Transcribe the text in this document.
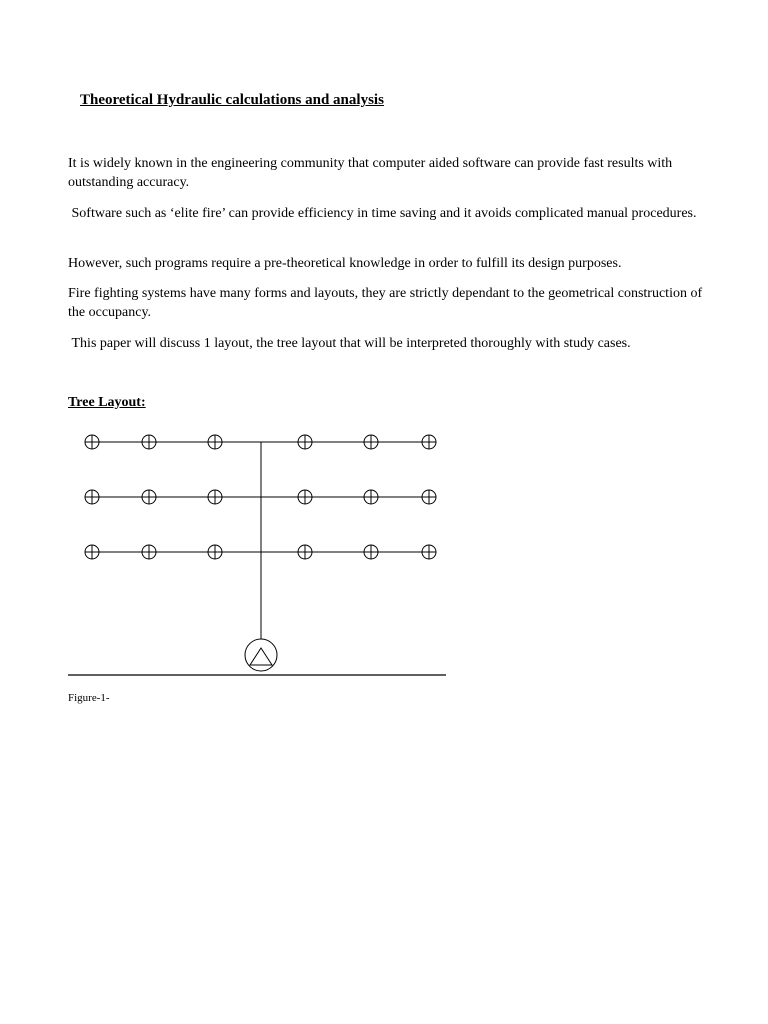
Theoretical Hydraulic calculations and analysis
It is widely known in the engineering community that computer aided software can provide fast results with outstanding accuracy.
Software such as ‘elite fire’ can provide efficiency in time saving and it avoids complicated manual procedures.
However, such programs require a pre-theoretical knowledge in order to fulfill its design purposes.
Fire fighting systems have many forms and layouts, they are strictly dependant to the geometrical construction of the occupancy.
This paper will discuss 1 layout, the tree layout that will be interpreted thoroughly with study cases.
Tree Layout:
Figure-1-
